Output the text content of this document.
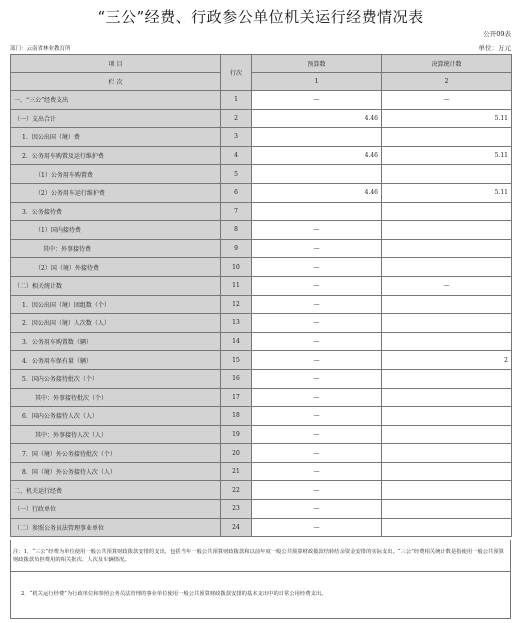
“三公”经费、行政参公单位机关运行经费情况表
公开09表
部门：云南省林业教育所	单位：万元
项 目	行次	预算数	决算统计数
栏 次		1	2
一、“三公”经费支出	1	—	—
（一）支出合计	2	4.46	5.11
1．因公出国（境）费	3		
2．公务用车购置及运行维护费	4	4.46	5.11
（1）公务用车购置费	5		
（2）公务用车运行维护费	6	4.46	5.11
3．公务接待费	7		
（1）国内接待费	8	—	
其中：外事接待费	9	—	
（2）国（境）外接待费	10	—	
（二）相关统计数	11	—	—
1．因公出国（境）团组数（个）	12	—	
2．因公出国（境）人次数（人）	13	—	
3．公务用车购置数（辆）	14	—	
4．公务用车保有量（辆）	15	—	2
5．国内公务接待批次（个）	16	—	
其中：外事接待批次（个）	17	—	
6．国内公务接待人次（人）	18	—	
其中：外事接待人次（人）	19	—	
7．国（境）外公务接待批次（个）	20	—	
8．国（境）外公务接待人次（人）	21	—	
二、机关运行经费	22	—	
（一）行政单位	23	—	
（二）参照公务员法管理事业单位	24	—	
注：1．“三公”经费为单位使用一般公共预算财政拨款安排的支出，包括当年一般公共预算财政拨款和以前年度一般公共预算财政拨款结转结余资金安排的实际支出。“三公”经费相关统计数是指使用一般公共预算财政拨款负担费用的相关批次、人次及车辆情况。
2．“机关运行经费”为行政单位和参照公务员法管理的事业单位使用一般公共预算财政拨款安排的基本支出中的日常公用经费支出。
